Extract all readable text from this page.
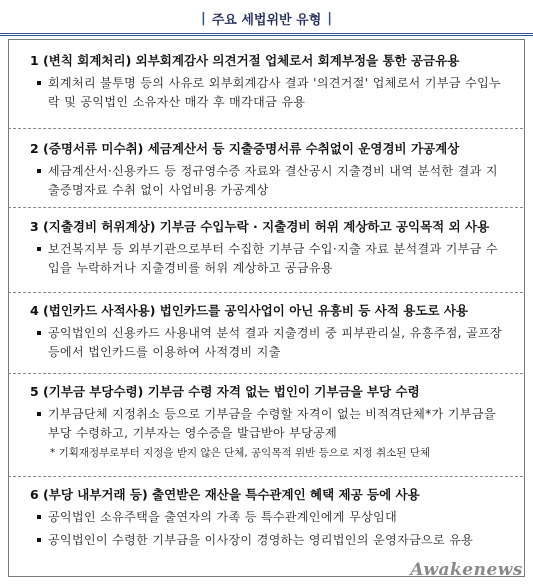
| 주요 세법위반 유형 |
1 (변칙 회계처리) 외부회계감사 의견거절 업체로서 회계부정을 통한 공금유용
회계처리 불투명 등의 사유로 외부회계감사 결과 '의견거절' 업체로서 기부금 수입누락 및 공익법인 소유자산 매각 후 매각대금 유용
2 (증명서류 미수취) 세금계산서 등 지출증명서류 수취없이 운영경비 가공계상
세금계산서·신용카드 등 정규영수증 자료와 결산공시 지출경비 내역 분석한 결과 지출증명자료 수취 없이 사업비용 가공계상
3 (지출경비 허위계상) 기부금 수입누락 · 지출경비 허위 계상하고 공익목적 외 사용
보건복지부 등 외부기관으로부터 수집한 기부금 수입·지출 자료 분석결과 기부금 수입을 누락하거나 지출경비를 허위 계상하고 공금유용
4 (법인카드 사적사용) 법인카드를 공익사업이 아닌 유흥비 등 사적 용도로 사용
공익법인의 신용카드 사용내역 분석 결과 지출경비 중 피부관리실, 유흥주점, 골프장 등에서 법인카드를 이용하여 사적경비 지출
5 (기부금 부당수령) 기부금 수령 자격 없는 법인이 기부금을 부당 수령
기부금단체 지정취소 등으로 기부금을 수령할 자격이 없는 비적격단체*가 기부금을 부당 수령하고, 기부자는 영수증을 발급받아 부당공제
* 기획재정부로부터 지정을 받지 않은 단체, 공익목적 위반 등으로 지정 취소된 단체
6 (부당 내부거래 등) 출연받은 재산을 특수관계인 혜택 제공 등에 사용
공익법인 소유주택을 출연자의 가족 등 특수관계인에게 무상임대
공익법인이 수령한 기부금을 이사장이 경영하는 영리법인의 운영자금으로 유용
Awakenews
